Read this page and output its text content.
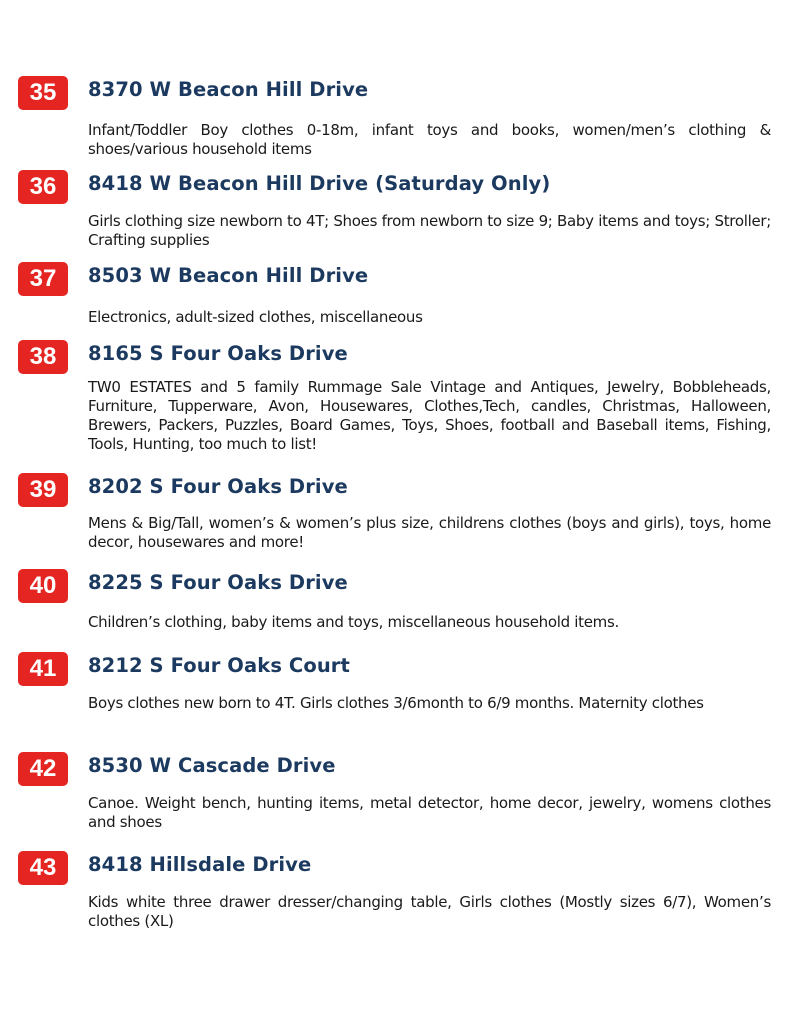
35	8370 W Beacon Hill Drive
Infant/Toddler Boy clothes 0-18m, infant toys and books, women/men’s clothing & shoes/various household items
36	8418 W Beacon Hill Drive (Saturday Only)
Girls clothing size newborn to 4T; Shoes from newborn to size 9; Baby items and toys; Stroller; Crafting supplies
37	8503 W Beacon Hill Drive
Electronics, adult-sized clothes, miscellaneous
38	8165 S Four Oaks Drive
TW0 ESTATES and 5 family Rummage Sale Vintage and Antiques, Jewelry, Bobbleheads, Furniture, Tupperware, Avon, Housewares, Clothes,Tech, candles, Christmas, Halloween, Brewers, Packers, Puzzles, Board Games, Toys, Shoes, football and Baseball items, Fishing, Tools, Hunting, too much to list!
39	8202 S Four Oaks Drive
Mens & Big/Tall, women’s & women’s plus size, childrens clothes (boys and girls), toys, home decor, housewares and more!
40	8225 S Four Oaks Drive
Children’s clothing, baby items and toys, miscellaneous household items.
41	8212 S Four Oaks Court
Boys clothes new born to 4T. Girls clothes 3/6month to 6/9 months. Maternity clothes
42	8530 W Cascade Drive
Canoe. Weight bench, hunting items, metal detector, home decor, jewelry, womens clothes and shoes
43	8418 Hillsdale Drive
Kids white three drawer dresser/changing table, Girls clothes (Mostly sizes 6/7), Women’s clothes (XL)
